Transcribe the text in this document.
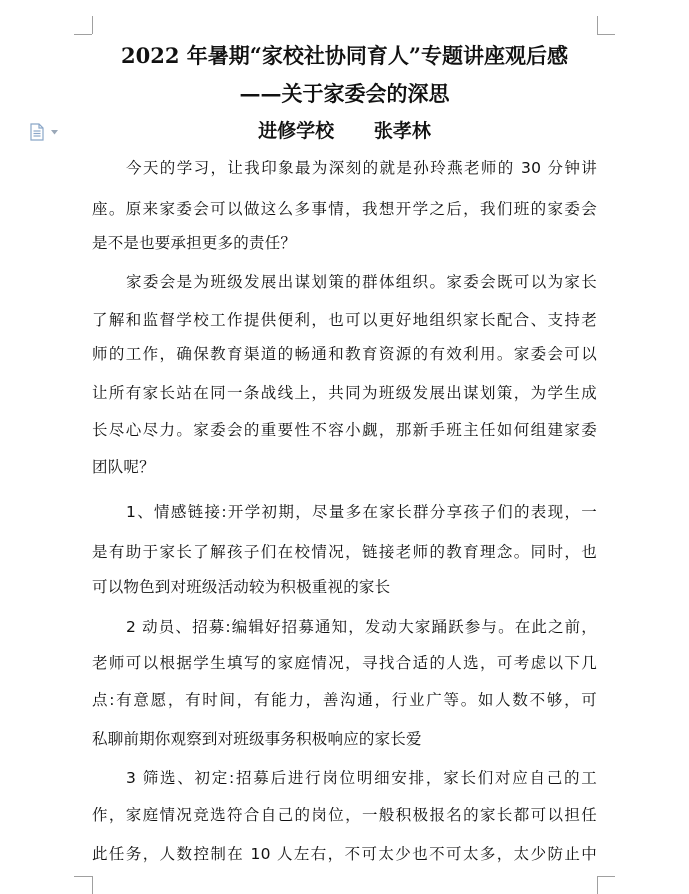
2022 年暑期“家校社协同育人”专题讲座观后感
——关于家委会的深思
进修学校      张孝林
今天的学习，让我印象最为深刻的就是孙玲燕老师的 30 分钟讲
座。原来家委会可以做这么多事情，我想开学之后，我们班的家委会
是不是也要承担更多的责任？
家委会是为班级发展出谋划策的群体组织。家委会既可以为家长
了解和监督学校工作提供便利，也可以更好地组织家长配合、支持老
师的工作，确保教育渠道的畅通和教育资源的有效利用。家委会可以
让所有家长站在同一条战线上，共同为班级发展出谋划策，为学生成
长尽心尽力。家委会的重要性不容小觑，那新手班主任如何组建家委
团队呢？
1、情感链接:开学初期，尽量多在家长群分享孩子们的表现，一
是有助于家长了解孩子们在校情况，链接老师的教育理念。同时，也
可以物色到对班级活动较为积极重视的家长
2 动员、招募:编辑好招募通知，发动大家踊跃参与。在此之前，
老师可以根据学生填写的家庭情况，寻找合适的人选，可考虑以下几
点:有意愿，有时间，有能力，善沟通，行业广等。如人数不够，可
私聊前期你观察到对班级事务积极响应的家长爱
3 筛选、初定:招募后进行岗位明细安排，家长们对应自己的工
作，家庭情况竞选符合自己的岗位，一般积极报名的家长都可以担任
此任务，人数控制在 10 人左右，不可太少也不可太多，太少防止中
